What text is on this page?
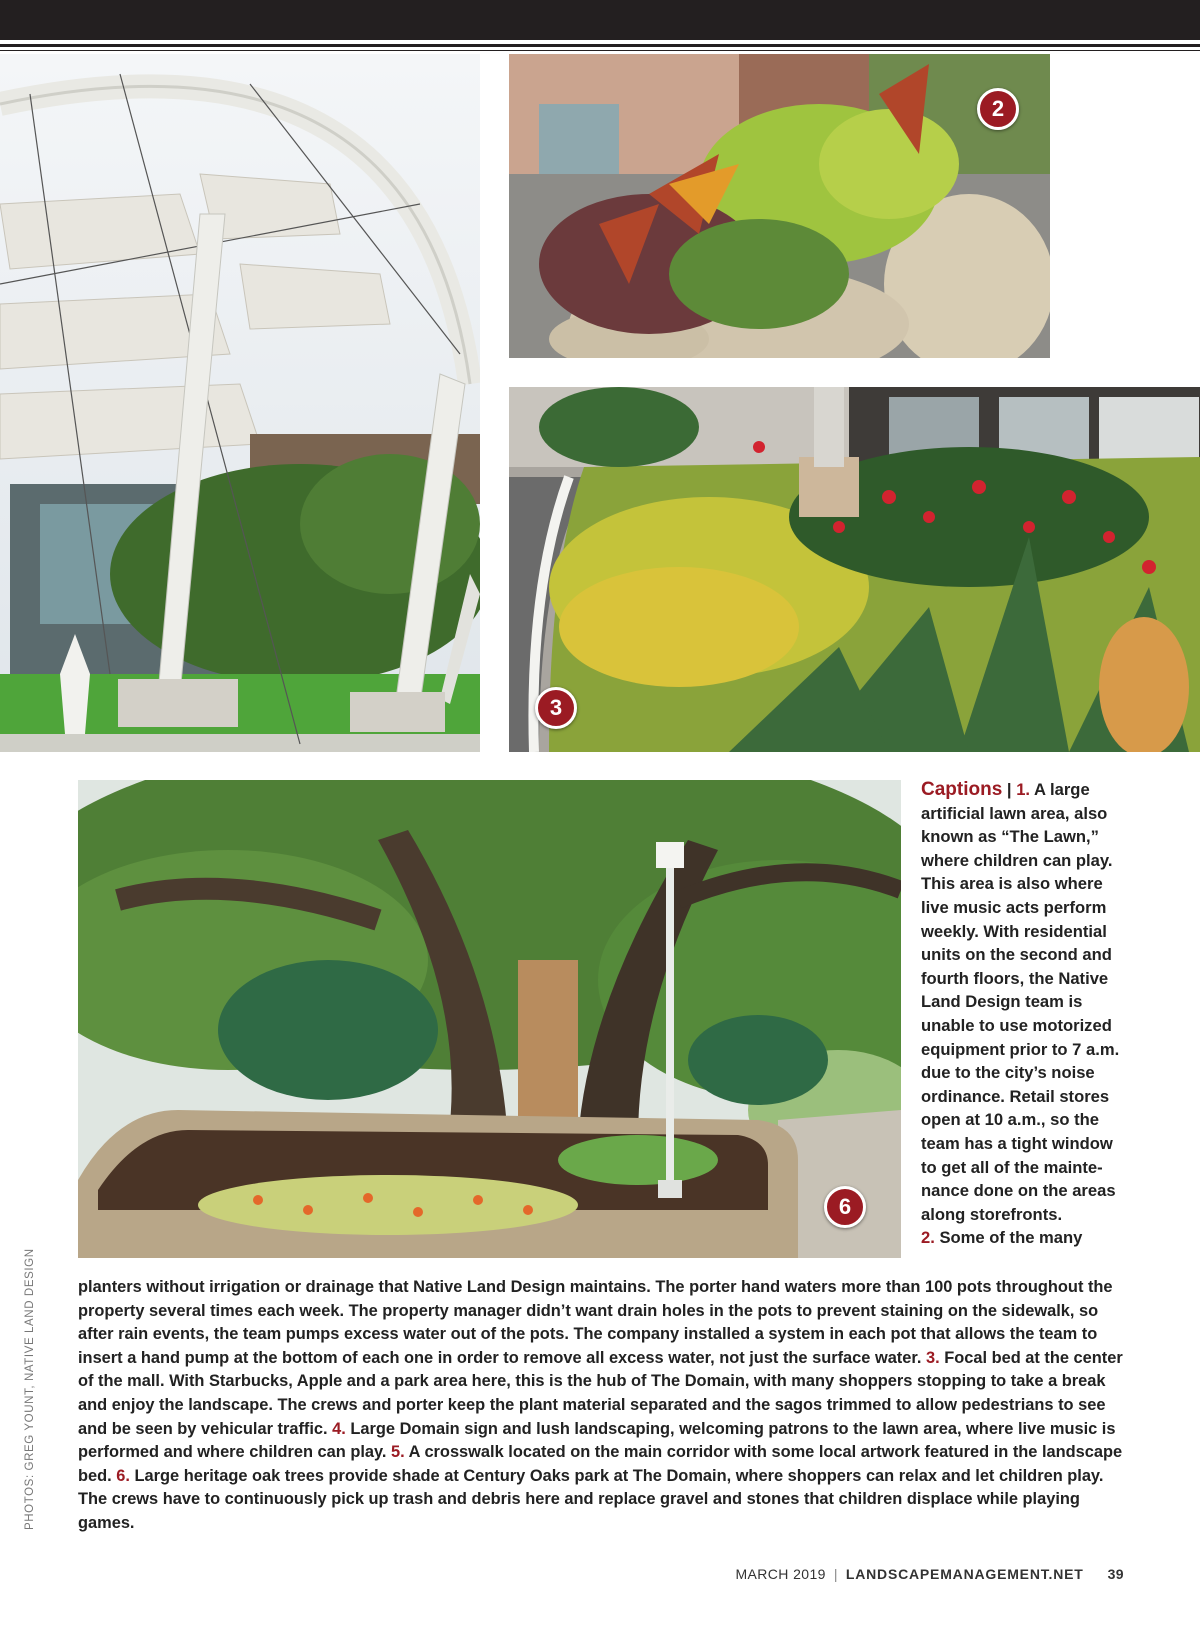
2
3
6
Captions | 1. A large artificial lawn area, also known as “The Lawn,” where children can play. This area is also where live music acts perform weekly. With residential units on the second and fourth floors, the Native Land Design team is unable to use motorized equipment prior to 7 a.m. due to the city’s noise ordinance. Retail stores open at 10 a.m., so the team has a tight window to get all of the maintenance done on the areas along storefronts.
2. Some of the many
planters without irrigation or drainage that Native Land Design maintains. The porter hand waters more than 100 pots throughout the property several times each week. The property manager didn’t want drain holes in the pots to prevent staining on the sidewalk, so after rain events, the team pumps excess water out of the pots. The company installed a system in each pot that allows the team to insert a hand pump at the bottom of each one in order to remove all excess water, not just the surface water. 3. Focal bed at the center of the mall. With Starbucks, Apple and a park area here, this is the hub of The Domain, with many shoppers stopping to take a break and enjoy the landscape. The crews and porter keep the plant material separated and the sagos trimmed to allow pedestrians to see and be seen by vehicular traffic. 4. Large Domain sign and lush landscaping, welcoming patrons to the lawn area, where live music is performed and where children can play. 5. A crosswalk located on the main corridor with some local artwork featured in the landscape bed. 6. Large heritage oak trees provide shade at Century Oaks park at The Domain, where shoppers can relax and let children play. The crews have to continuously pick up trash and debris here and replace gravel and stones that children displace while playing games.
PHOTOS: GREG YOUNT, NATIVE LAND DESIGN
MARCH 2019 | LANDSCAPEMANAGEMENT.NET 39
